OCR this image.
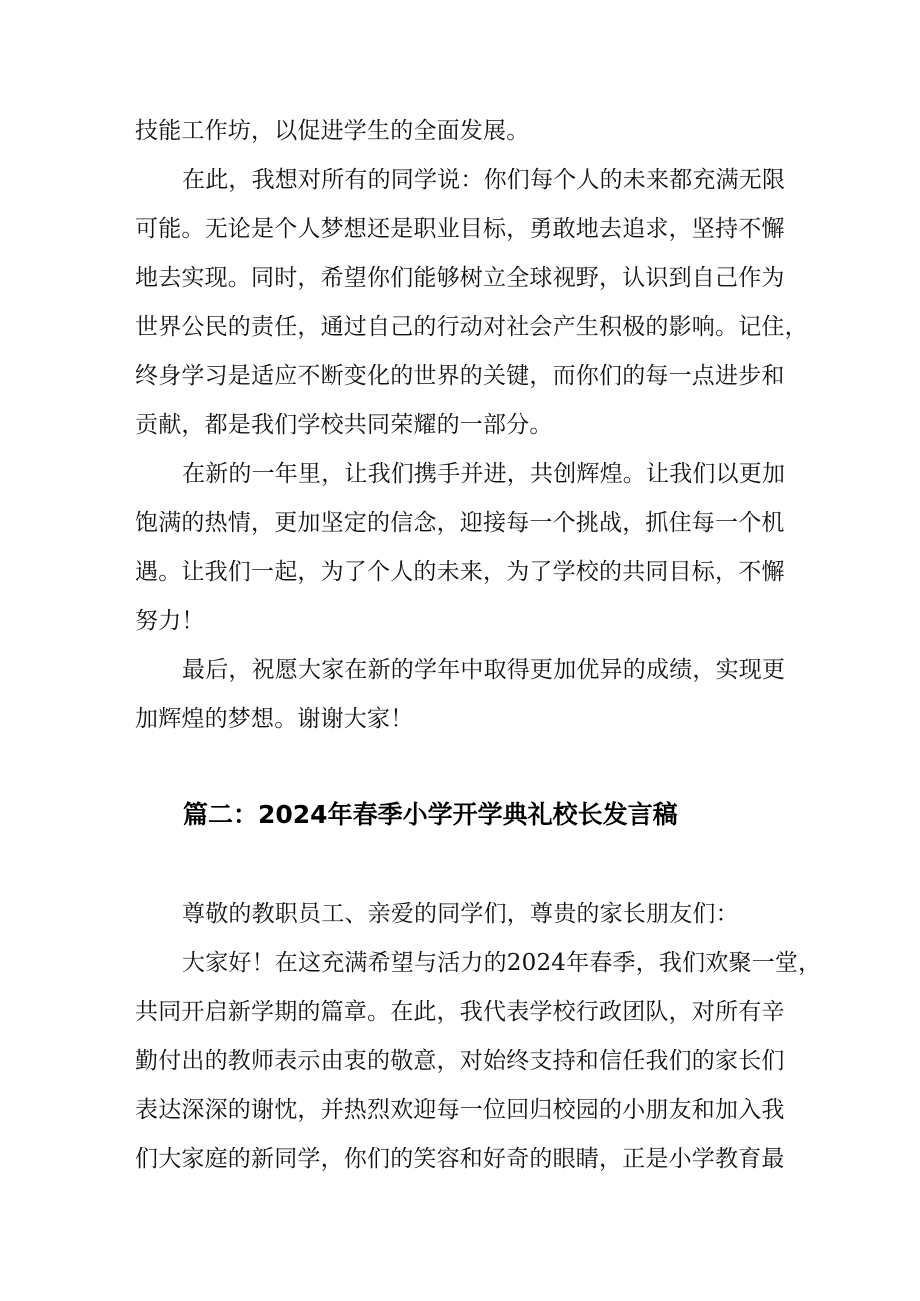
技能工作坊，以促进学生的全面发展。
在此，我想对所有的同学说：你们每个人的未来都充满无限
可能。无论是个人梦想还是职业目标，勇敢地去追求，坚持不懈
地去实现。同时，希望你们能够树立全球视野，认识到自己作为
世界公民的责任，通过自己的行动对社会产生积极的影响。记住，
终身学习是适应不断变化的世界的关键，而你们的每一点进步和
贡献，都是我们学校共同荣耀的一部分。
在新的一年里，让我们携手并进，共创辉煌。让我们以更加
饱满的热情，更加坚定的信念，迎接每一个挑战，抓住每一个机
遇。让我们一起，为了个人的未来，为了学校的共同目标，不懈
努力！
最后，祝愿大家在新的学年中取得更加优异的成绩，实现更
加辉煌的梦想。谢谢大家！
篇二：2024年春季小学开学典礼校长发言稿
尊敬的教职员工、亲爱的同学们，尊贵的家长朋友们：
大家好！在这充满希望与活力的2024年春季，我们欢聚一堂，
共同开启新学期的篇章。在此，我代表学校行政团队，对所有辛
勤付出的教师表示由衷的敬意，对始终支持和信任我们的家长们
表达深深的谢忱，并热烈欢迎每一位回归校园的小朋友和加入我
们大家庭的新同学，你们的笑容和好奇的眼睛，正是小学教育最
